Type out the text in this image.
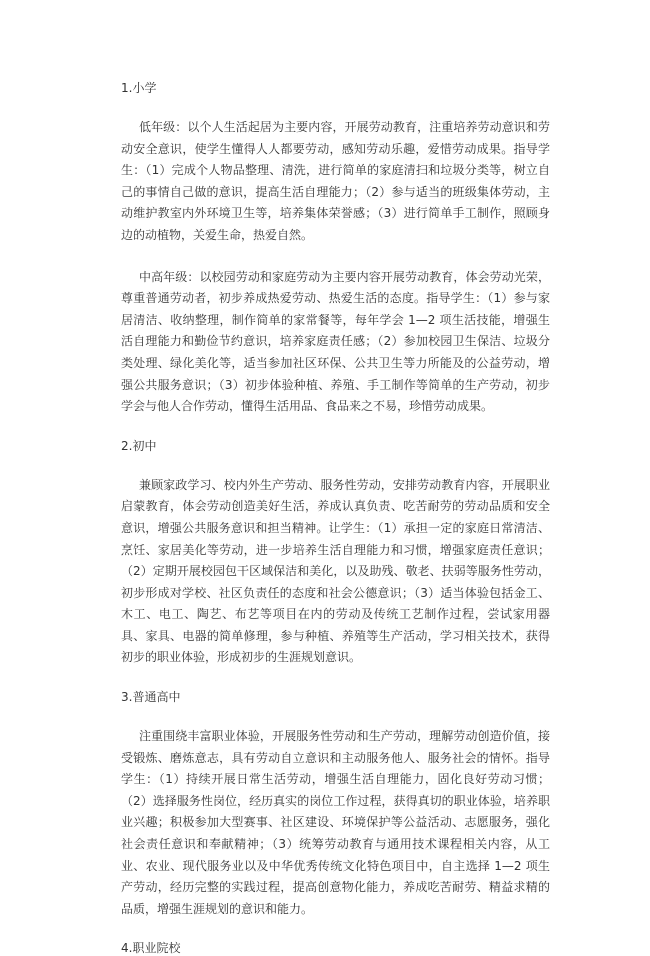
1.小学

低年级：以个人生活起居为主要内容，开展劳动教育，注重培养劳动意识和劳动安全意识，使学生懂得人人都要劳动，感知劳动乐趣，爱惜劳动成果。指导学生：（1）完成个人物品整理、清洗，进行简单的家庭清扫和垃圾分类等，树立自己的事情自己做的意识，提高生活自理能力；（2）参与适当的班级集体劳动，主动维护教室内外环境卫生等，培养集体荣誉感；（3）进行简单手工制作，照顾身边的动植物，关爱生命，热爱自然。

中高年级：以校园劳动和家庭劳动为主要内容开展劳动教育，体会劳动光荣，尊重普通劳动者，初步养成热爱劳动、热爱生活的态度。指导学生：（1）参与家居清洁、收纳整理，制作简单的家常餐等，每年学会 1—2 项生活技能，增强生活自理能力和勤俭节约意识，培养家庭责任感；（2）参加校园卫生保洁、垃圾分类处理、绿化美化等，适当参加社区环保、公共卫生等力所能及的公益劳动，增强公共服务意识；（3）初步体验种植、养殖、手工制作等简单的生产劳动，初步学会与他人合作劳动，懂得生活用品、食品来之不易，珍惜劳动成果。

2.初中

兼顾家政学习、校内外生产劳动、服务性劳动，安排劳动教育内容，开展职业启蒙教育，体会劳动创造美好生活，养成认真负责、吃苦耐劳的劳动品质和安全意识，增强公共服务意识和担当精神。让学生：（1）承担一定的家庭日常清洁、烹饪、家居美化等劳动，进一步培养生活自理能力和习惯，增强家庭责任意识；（2）定期开展校园包干区域保洁和美化，以及助残、敬老、扶弱等服务性劳动，初步形成对学校、社区负责任的态度和社会公德意识；（3）适当体验包括金工、木工、电工、陶艺、布艺等项目在内的劳动及传统工艺制作过程，尝试家用器具、家具、电器的简单修理，参与种植、养殖等生产活动，学习相关技术，获得初步的职业体验，形成初步的生涯规划意识。

3.普通高中

注重围绕丰富职业体验，开展服务性劳动和生产劳动，理解劳动创造价值，接受锻炼、磨炼意志，具有劳动自立意识和主动服务他人、服务社会的情怀。指导学生：（1）持续开展日常生活劳动，增强生活自理能力，固化良好劳动习惯；（2）选择服务性岗位，经历真实的岗位工作过程，获得真切的职业体验，培养职业兴趣；积极参加大型赛事、社区建设、环境保护等公益活动、志愿服务，强化社会责任意识和奉献精神；（3）统筹劳动教育与通用技术课程相关内容，从工业、农业、现代服务业以及中华优秀传统文化特色项目中，自主选择 1—2 项生产劳动，经历完整的实践过程，提高创意物化能力，养成吃苦耐劳、精益求精的品质，增强生涯规划的意识和能力。

4.职业院校
